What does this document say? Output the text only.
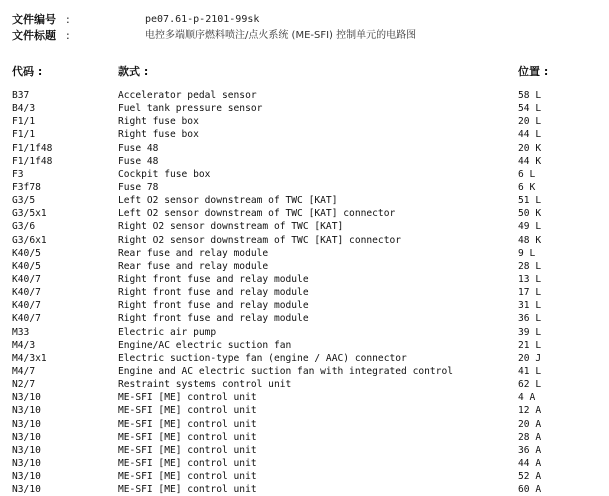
文件编号 :	pe07.61-p-2101-99sk
文件标题 :	电控多端顺序燃料喷注/点火系统 (ME-SFI) 控制单元的电路图
代码 :	款式 :	位置 :
B37	Accelerator pedal sensor	58 L
B4/3	Fuel tank pressure sensor	54 L
F1/1	Right fuse box	20 L
F1/1	Right fuse box	44 L
F1/1f48	Fuse 48	20 K
F1/1f48	Fuse 48	44 K
F3	Cockpit fuse box	6 L
F3f78	Fuse 78	6 K
G3/5	Left O2 sensor downstream of TWC [KAT]	51 L
G3/5x1	Left O2 sensor downstream of TWC [KAT] connector	50 K
G3/6	Right O2 sensor downstream of TWC [KAT]	49 L
G3/6x1	Right O2 sensor downstream of TWC [KAT] connector	48 K
K40/5	Rear fuse and relay module	9 L
K40/5	Rear fuse and relay module	28 L
K40/7	Right front fuse and relay module	13 L
K40/7	Right front fuse and relay module	17 L
K40/7	Right front fuse and relay module	31 L
K40/7	Right front fuse and relay module	36 L
M33	Electric air pump	39 L
M4/3	Engine/AC electric suction fan	21 L
M4/3x1	Electric suction-type fan (engine / AAC) connector	20 J
M4/7	Engine and AC electric suction fan with integrated control	41 L
N2/7	Restraint systems control unit	62 L
N3/10	ME-SFI [ME] control unit	4 A
N3/10	ME-SFI [ME] control unit	12 A
N3/10	ME-SFI [ME] control unit	20 A
N3/10	ME-SFI [ME] control unit	28 A
N3/10	ME-SFI [ME] control unit	36 A
N3/10	ME-SFI [ME] control unit	44 A
N3/10	ME-SFI [ME] control unit	52 A
N3/10	ME-SFI [ME] control unit	60 A
